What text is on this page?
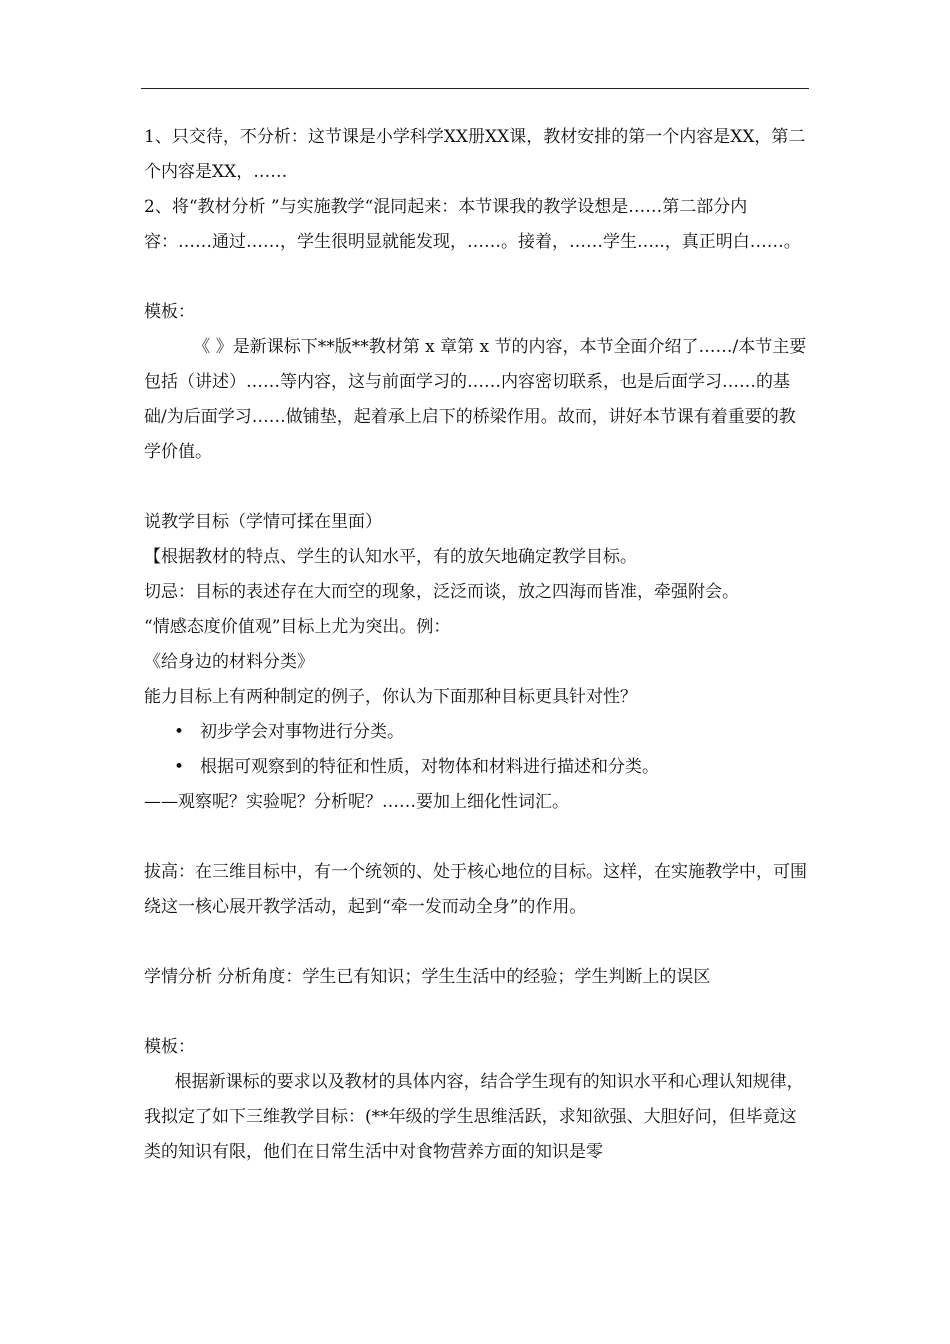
1、只交待，不分析：这节课是小学科学XX册XX课，教材安排的第一个内容是XX，第二个内容是XX，……

2、将“教材分析 ”与实施教学“混同起来：本节课我的教学设想是……第二部分内容：……通过……，学生很明显就能发现，……。接着，……学生…..，真正明白……。

模板：

《 》是新课标下**版**教材第 x 章第 x 节的内容，本节全面介绍了……/本节主要包括（讲述）……等内容，这与前面学习的……内容密切联系，也是后面学习……的基础/为后面学习……做铺垫，起着承上启下的桥梁作用。故而，讲好本节课有着重要的教学价值。

说教学目标（学情可揉在里面）

【根据教材的特点、学生的认知水平，有的放矢地确定教学目标。

切忌：目标的表述存在大而空的现象，泛泛而谈，放之四海而皆准，牵强附会。

“情感态度价值观”目标上尤为突出。例：

《给身边的材料分类》

能力目标上有两种制定的例子，你认为下面那种目标更具针对性？

• 初步学会对事物进行分类。
• 根据可观察到的特征和性质，对物体和材料进行描述和分类。

——观察呢？实验呢？分析呢？……要加上细化性词汇。

拔高：在三维目标中，有一个统领的、处于核心地位的目标。这样，在实施教学中，可围绕这一核心展开教学活动，起到“牵一发而动全身”的作用。

学情分析 分析角度：学生已有知识；学生生活中的经验；学生判断上的误区

模板：

根据新课标的要求以及教材的具体内容，结合学生现有的知识水平和心理认知规律，我拟定了如下三维教学目标：(**年级的学生思维活跃，求知欲强、大胆好问，但毕竟这类的知识有限，他们在日常生活中对食物营养方面的知识是零
